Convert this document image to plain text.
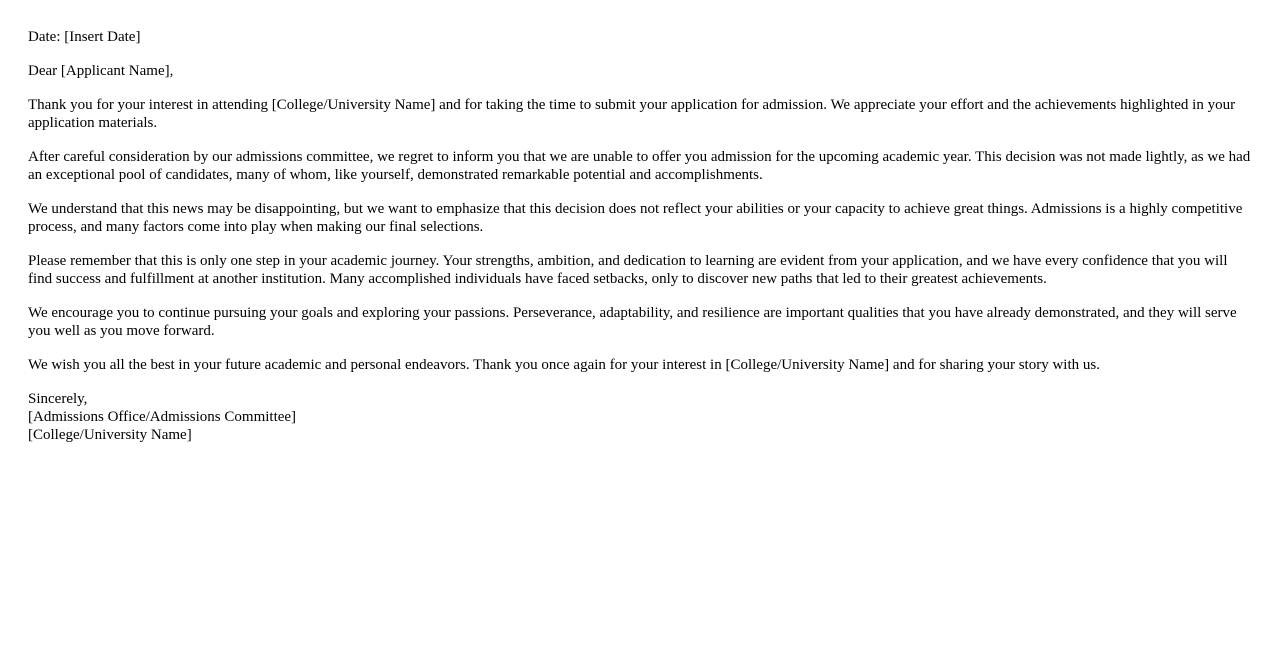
Date: [Insert Date]

Dear [Applicant Name],

Thank you for your interest in attending [College/University Name] and for taking the time to submit your application for admission. We appreciate your effort and the achievements highlighted in your application materials.

After careful consideration by our admissions committee, we regret to inform you that we are unable to offer you admission for the upcoming academic year. This decision was not made lightly, as we had an exceptional pool of candidates, many of whom, like yourself, demonstrated remarkable potential and accomplishments.

We understand that this news may be disappointing, but we want to emphasize that this decision does not reflect your abilities or your capacity to achieve great things. Admissions is a highly competitive process, and many factors come into play when making our final selections.

Please remember that this is only one step in your academic journey. Your strengths, ambition, and dedication to learning are evident from your application, and we have every confidence that you will find success and fulfillment at another institution. Many accomplished individuals have faced setbacks, only to discover new paths that led to their greatest achievements.

We encourage you to continue pursuing your goals and exploring your passions. Perseverance, adaptability, and resilience are important qualities that you have already demonstrated, and they will serve you well as you move forward.

We wish you all the best in your future academic and personal endeavors. Thank you once again for your interest in [College/University Name] and for sharing your story with us.

Sincerely,
[Admissions Office/Admissions Committee]
[College/University Name]
